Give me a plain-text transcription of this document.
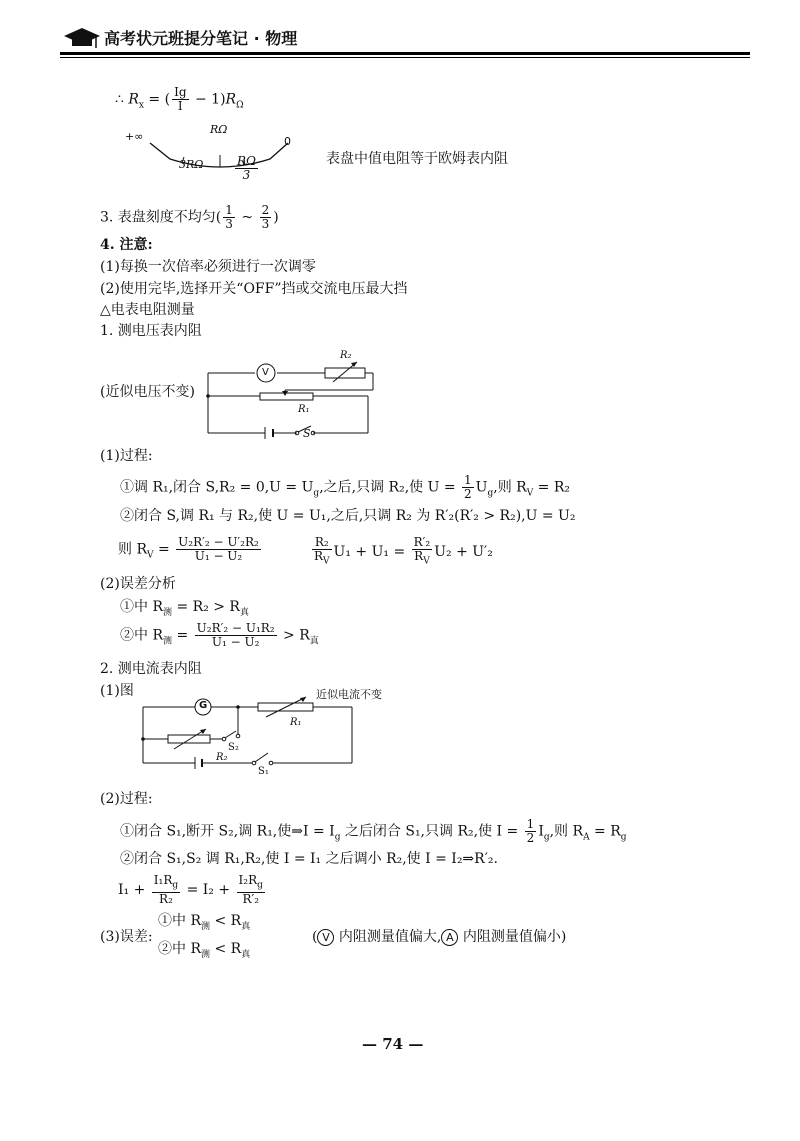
高考状元班提分笔记 · 物理
∴ $R_x$ = ( $\frac{Ig}{I} - 1)R_\Omega$
+∞	0
RΩ
3RΩ	$\frac{R\Omega}{3}$	表盘中值电阻等于欧姆表内阻
3. 表盘刻度不均匀( $\frac{1}{3}$ ~ $\frac{2}{3}$ )
4. 注意:
(1)每换一次倍率必须进行一次调零
(2)使用完毕,选择开关“OFF”挡或交流电压最大挡
△电表电阻测量
1. 测电压表内阻
V
R₂
R₁
S
(近似电压不变)
(1)过程:
①调 R₁,闭合 $S,R_2 = 0,U = U_g$,之后,只调 R₂,使 $U = \frac{1}{2} U_g$,则 $R_V = R_2$
②闭合 S,调 R₁ 与 R₂,使 U = U₁,之后,只调 R₂ 为 R′₂(R′₂ > R₂),U = U₂
则 $R_V = \frac{\text{U₂R′₂ − U′₂R₂}}{\text{U₁ − U₂}}$	$\frac{\text{R₂}}{R_V} U_1 + U_1 = \frac{\text{R′₂}}{R_V} U_2 + U'_2$
(2)误差分析
①中 $R_测 = R_2 > R_真$
②中 $R_测 = \frac{\text{U₂R′₂ − U₁R₂}}{\text{U₁ − U₂}} > R_真$
2. 测电流表内阻
(1)图	近似电流不变
G
R₁
R₂
S₂
S₁
(2)过程:
①闭合 S₁,断开 S₂,调 R₁,使⇒I = $I_g$ 之后闭合 S₁,只调 R₂,使 $I = \frac{1}{2} I_g$,则 $R_A = R_g$
②闭合 S₁,S₂ 调 R₁,R₂,使 I = I₁ 之后调小 R₂,使 I = I₂⇒R′₂.
$I_1 + \frac{I_1R_g}{\text{R₂}} = I_2 + \frac{I_2R_g}{\text{R′₂}}$
(3)误差:
①中 $R_测 < R_真$
②中 $R_测 < R_真$
( V 内阻测量值偏大, A 内阻测量值偏小)
— 74 —
